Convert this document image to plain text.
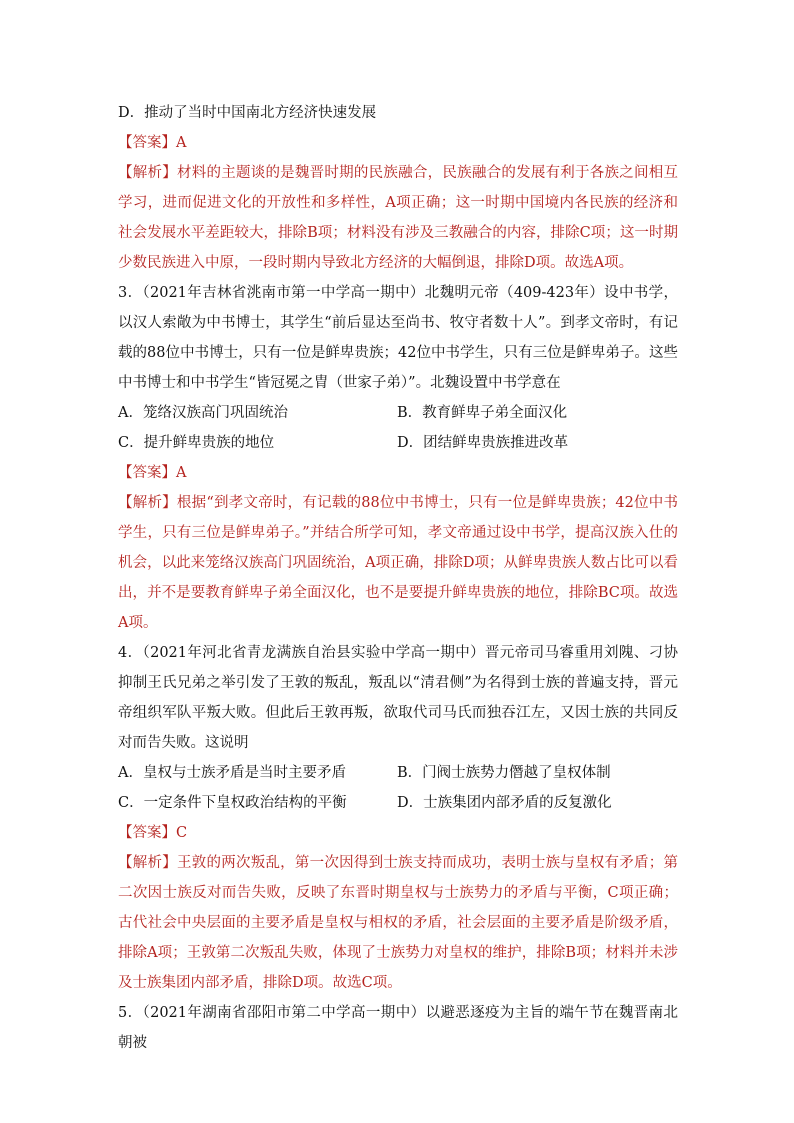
D．推动了当时中国南北方经济快速发展
【答案】A
【解析】材料的主题谈的是魏晋时期的民族融合，民族融合的发展有利于各族之间相互学习，进而促进文化的开放性和多样性，A项正确；这一时期中国境内各民族的经济和社会发展水平差距较大，排除B项；材料没有涉及三教融合的内容，排除C项；这一时期少数民族进入中原，一段时期内导致北方经济的大幅倒退，排除D项。故选A项。
3．（2021年吉林省洮南市第一中学高一期中）北魏明元帝（409-423年）设中书学，以汉人索敞为中书博士，其学生“前后显达至尚书、牧守者数十人”。到孝文帝时，有记载的88位中书博士，只有一位是鲜卑贵族；42位中书学生，只有三位是鲜卑弟子。这些中书博士和中书学生“皆冠冕之胄（世家子弟）”。北魏设置中书学意在
A．笼络汉族高门巩固统治	B．教育鲜卑子弟全面汉化
C．提升鲜卑贵族的地位	D．团结鲜卑贵族推进改革
【答案】A
【解析】根据“到孝文帝时，有记载的88位中书博士，只有一位是鲜卑贵族；42位中书学生，只有三位是鲜卑弟子。”并结合所学可知，孝文帝通过设中书学，提高汉族入仕的机会，以此来笼络汉族高门巩固统治，A项正确，排除D项；从鲜卑贵族人数占比可以看出，并不是要教育鲜卑子弟全面汉化，也不是要提升鲜卑贵族的地位，排除BC项。故选A项。
4．（2021年河北省青龙满族自治县实验中学高一期中）晋元帝司马睿重用刘隗、刁协抑制王氏兄弟之举引发了王敦的叛乱，叛乱以“清君侧”为名得到士族的普遍支持，晋元帝组织军队平叛大败。但此后王敦再叛，欲取代司马氏而独吞江左，又因士族的共同反对而告失败。这说明
A．皇权与士族矛盾是当时主要矛盾	B．门阀士族势力僭越了皇权体制
C．一定条件下皇权政治结构的平衡	D．士族集团内部矛盾的反复激化
【答案】C
【解析】王敦的两次叛乱，第一次因得到士族支持而成功，表明士族与皇权有矛盾；第二次因士族反对而告失败，反映了东晋时期皇权与士族势力的矛盾与平衡，C项正确；古代社会中央层面的主要矛盾是皇权与相权的矛盾，社会层面的主要矛盾是阶级矛盾，排除A项；王敦第二次叛乱失败，体现了士族势力对皇权的维护，排除B项；材料并未涉及士族集团内部矛盾，排除D项。故选C项。
5．（2021年湖南省邵阳市第二中学高一期中）以避恶逐疫为主旨的端午节在魏晋南北朝被
